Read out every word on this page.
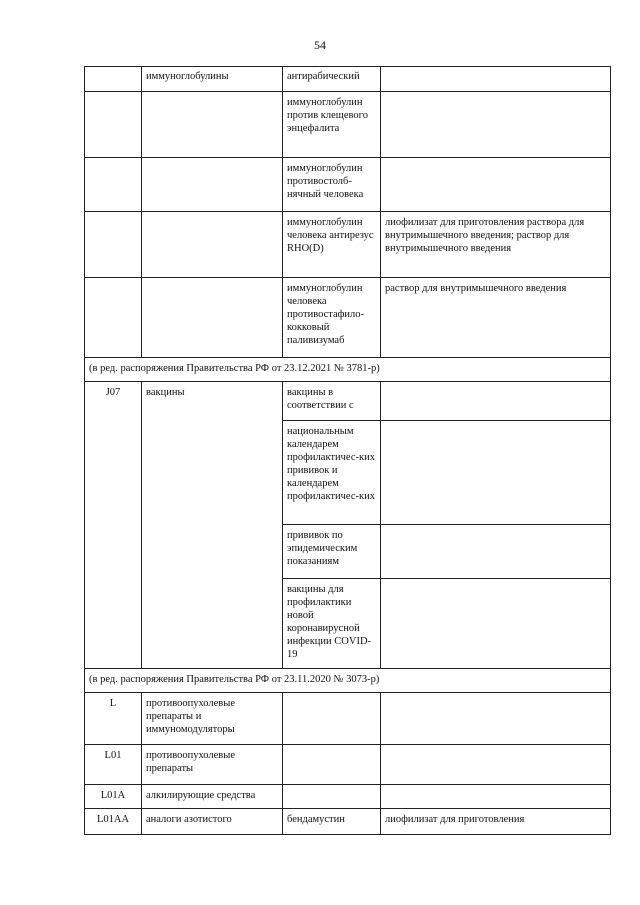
54
	иммуноглобулины	антирабический	
		иммуноглобулин против клещевого энцефалита	
		иммуноглобулин противостолб-нячный человека	
		иммуноглобулин человека антирезус RHO(D)	лиофилизат для приготовления раствора для внутримышечного введения; раствор для внутримышечного введения
		иммуноглобулин человека противостафило-кокковый паливизумаб	раствор для внутримышечного введения
(в ред. распоряжения Правительства РФ от 23.12.2021 № 3781-р)			
J07	вакцины	вакцины в соответствии с	
		национальным календарем профилактичес-ких прививок и календарем профилактичес-ких	
		прививок по эпидемическим показаниям	
		вакцины для профилактики новой коронавирусной инфекции COVID-19	
(в ред. распоряжения Правительства РФ от 23.11.2020 № 3073-р)			
L	противоопухолевые препараты и иммуномодуляторы		
L01	противоопухолевые препараты		
L01A	алкилирующие средства		
L01AA	аналоги азотистого	бендамустин	лиофилизат для приготовления
